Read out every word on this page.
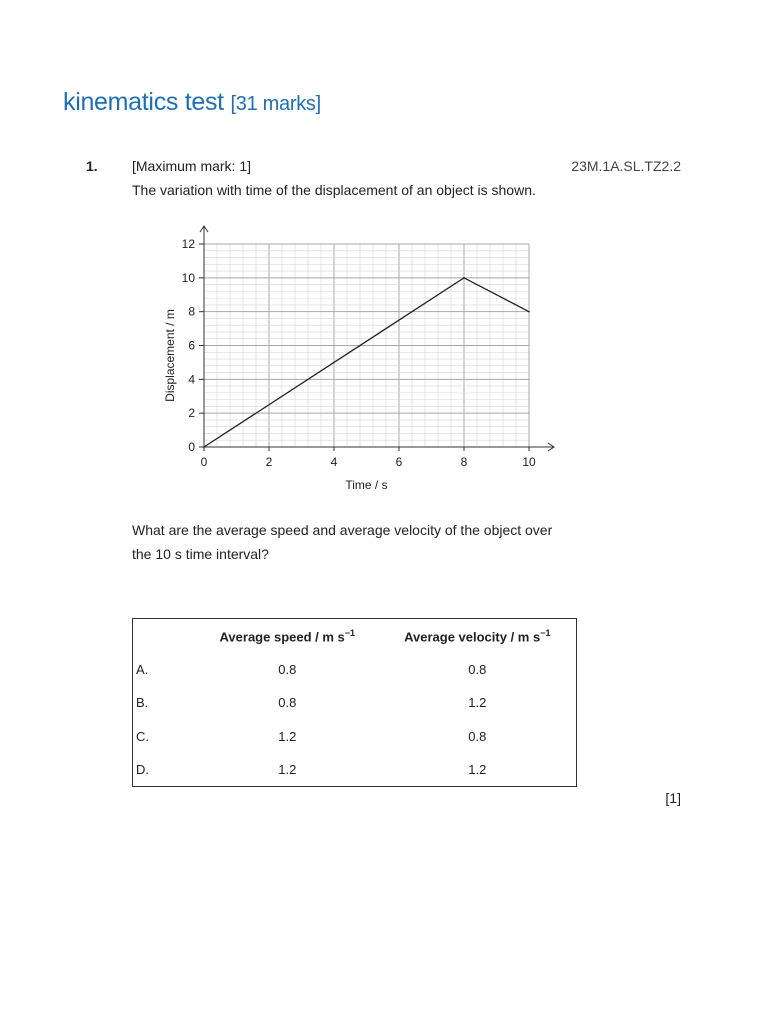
kinematics test [31 marks]
1. [Maximum mark: 1]	23M.1A.SL.TZ2.2
The variation with time of the displacement of an object is shown.
0	2	4	6	8	10
0
2
4
6
8
10
12
Time / s
Displacement / m
What are the average speed and average velocity of the object over
the 10 s time interval?
	Average speed / m $s^{-1}$	Average velocity / m $s^{-1}$
A.	0.8	0.8
B.	0.8	1.2
C.	1.2	0.8
D.	1.2	1.2
[1]
